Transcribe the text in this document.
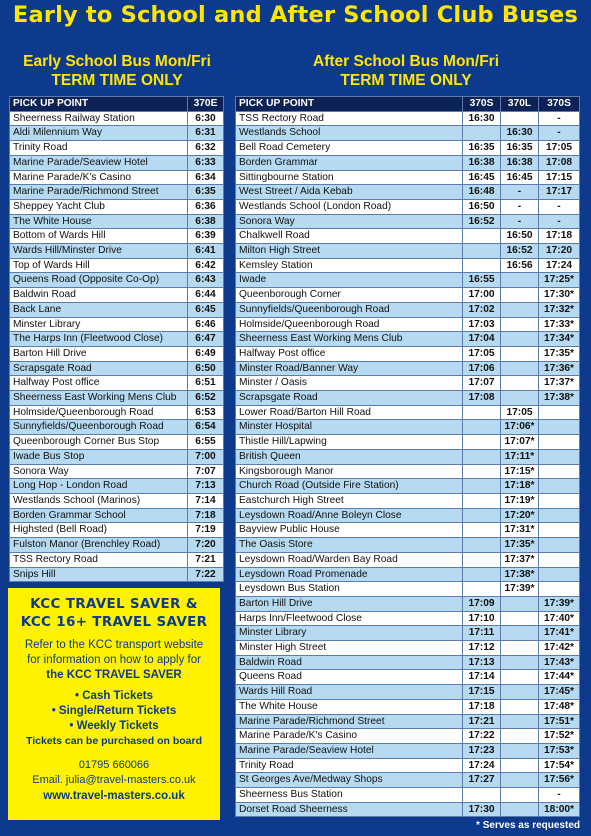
Early to School and After School Club Buses
Early School Bus Mon/Fri
TERM TIME ONLY
After School Bus Mon/Fri
TERM TIME ONLY
PICK UP POINT	370E
Sheerness Railway Station	6:30
Aldi Milennium Way	6:31
Trinity Road	6:32
Marine Parade/Seaview Hotel	6:33
Marine Parade/K's Casino	6:34
Marine Parade/Richmond Street	6:35
Sheppey Yacht Club	6:36
The White House	6:38
Bottom of Wards Hill	6:39
Wards Hill/Minster Drive	6:41
Top of Wards Hill	6:42
Queens Road (Opposite Co-Op)	6:43
Baldwin Road	6:44
Back Lane	6:45
Minster Library	6:46
The Harps Inn (Fleetwood Close)	6:47
Barton Hill Drive	6:49
Scrapsgate Road	6:50
Halfway Post office	6:51
Sheerness East Working Mens Club	6:52
Holmside/Queenborough Road	6:53
Sunnyfields/Queenborough Road	6:54
Queenborough Corner Bus Stop	6:55
Iwade Bus Stop	7:00
Sonora Way	7:07
Long Hop - London Road	7:13
Westlands School (Marinos)	7:14
Borden Grammar School	7:18
Highsted (Bell Road)	7:19
Fulston Manor (Brenchley Road)	7:20
TSS Rectory Road	7:21
Snips Hill	7:22
PICK UP POINT	370S	370L	370S
TSS Rectory Road	16:30		-
Westlands School		16:30	-
Bell Road Cemetery	16:35	16:35	17:05
Borden Grammar	16:38	16:38	17:08
Sittingbourne Station	16:45	16:45	17:15
West Street / Aida Kebab	16:48	-	17:17
Westlands School (London Road)	16:50	-	-
Sonora Way	16:52	-	-
Chalkwell Road		16:50	17:18
Milton High Street		16:52	17:20
Kemsley Station		16:56	17:24
Iwade	16:55		17:25*
Queenborough Corner	17:00		17:30*
Sunnyfields/Queenborough Road	17:02		17:32*
Holmside/Queenborough Road	17:03		17:33*
Sheerness East Working Mens Club	17:04		17:34*
Halfway Post office	17:05		17:35*
Minster Road/Banner Way	17:06		17:36*
Minster / Oasis	17:07		17:37*
Scrapsgate Road	17:08		17:38*
Lower Road/Barton Hill Road		17:05	
Minster Hospital		17:06*	
Thistle Hill/Lapwing		17:07*	
British Queen		17:11*	
Kingsborough Manor		17:15*	
Church Road (Outside Fire Station)		17:18*	
Eastchurch High Street		17:19*	
Leysdown Road/Anne Boleyn Close		17:20*	
Bayview Public House		17:31*	
The Oasis Store		17:35*	
Leysdown Road/Warden Bay Road		17:37*	
Leysdown Road Promenade		17:38*	
Leysdown Bus Station		17:39*	
Barton Hill Drive	17:09		17:39*
Harps Inn/Fleetwood Close	17:10		17:40*
Minster Library	17:11		17:41*
Minster High Street	17:12		17:42*
Baldwin Road	17:13		17:43*
Queens Road	17:14		17:44*
Wards Hill Road	17:15		17:45*
The White House	17:18		17:48*
Marine Parade/Richmond Street	17:21		17:51*
Marine Parade/K's Casino	17:22		17:52*
Marine Parade/Seaview Hotel	17:23		17:53*
Trinity Road	17:24		17:54*
St Georges Ave/Medway Shops	17:27		17:56*
Sheerness Bus Station			-
Dorset Road Sheerness	17:30		18:00*
KCC TRAVEL SAVER &
KCC 16+ TRAVEL SAVER
Refer to the KCC transport website
for information on how to apply for
the KCC TRAVEL SAVER
• Cash Tickets
• Single/Return Tickets
• Weekly Tickets
Tickets can be purchased on board
01795 660066
Email. julia@travel-masters.co.uk
www.travel-masters.co.uk
* Serves as requested
